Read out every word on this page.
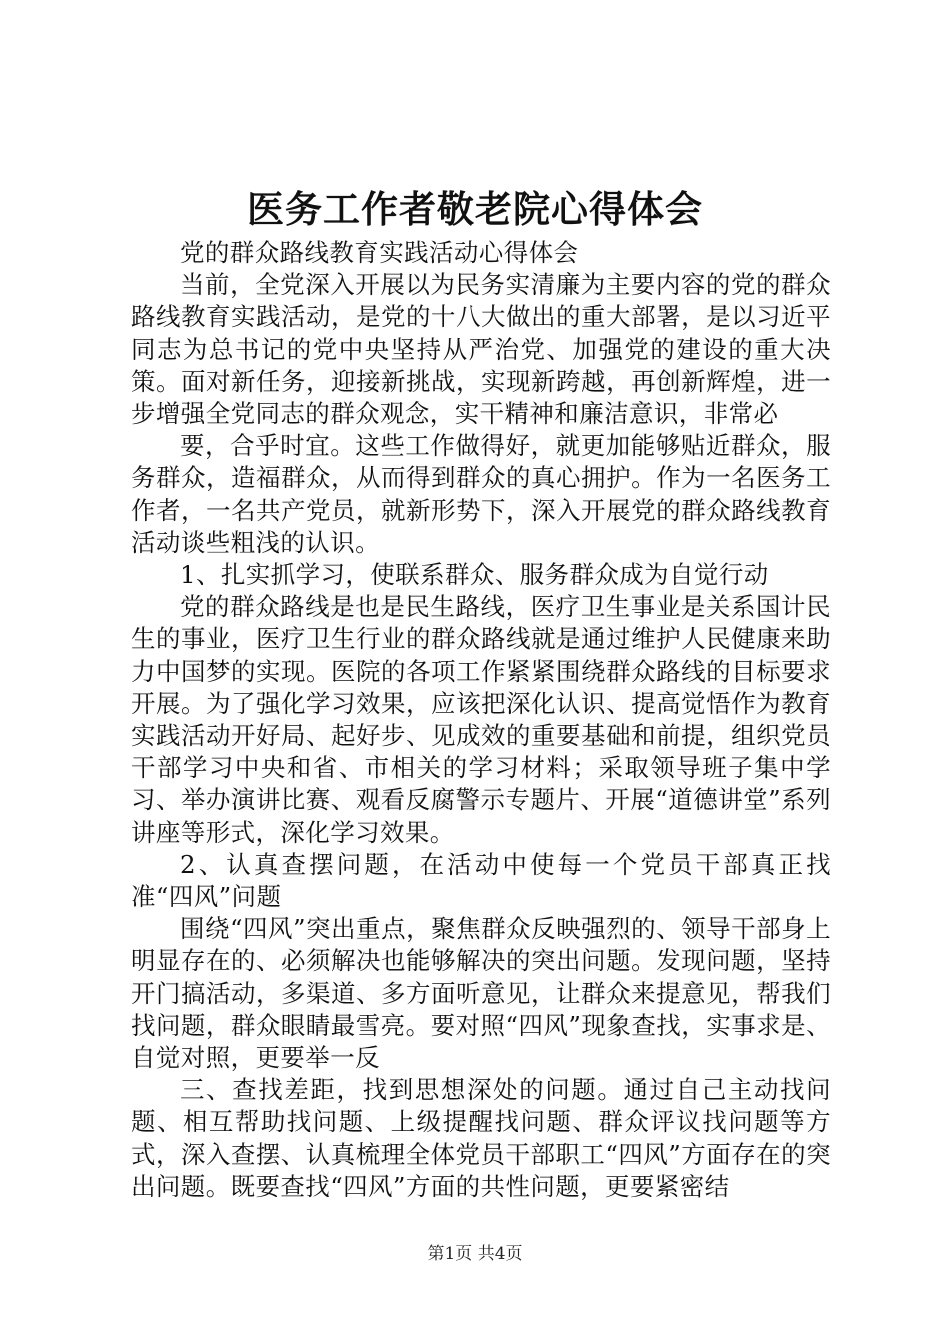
医务工作者敬老院心得体会

党的群众路线教育实践活动心得体会

当前，全党深入开展以为民务实清廉为主要内容的党的群众路线教育实践活动，是党的十八大做出的重大部署，是以习近平同志为总书记的党中央坚持从严治党、加强党的建设的重大决策。面对新任务，迎接新挑战，实现新跨越，再创新辉煌，进一步增强全党同志的群众观念，实干精神和廉洁意识，非常必

要，合乎时宜。这些工作做得好，就更加能够贴近群众，服务群众，造福群众，从而得到群众的真心拥护。作为一名医务工作者，一名共产党员，就新形势下，深入开展党的群众路线教育活动谈些粗浅的认识。

1、扎实抓学习，使联系群众、服务群众成为自觉行动

党的群众路线是也是民生路线，医疗卫生事业是关系国计民生的事业，医疗卫生行业的群众路线就是通过维护人民健康来助力中国梦的实现。医院的各项工作紧紧围绕群众路线的目标要求开展。为了强化学习效果，应该把深化认识、提高觉悟作为教育实践活动开好局、起好步、见成效的重要基础和前提，组织党员干部学习中央和省、市相关的学习材料；采取领导班子集中学习、举办演讲比赛、观看反腐警示专题片、开展“道德讲堂”系列讲座等形式，深化学习效果。

2、认真查摆问题，在活动中使每一个党员干部真正找准“四风”问题

围绕“四风”突出重点，聚焦群众反映强烈的、领导干部身上明显存在的、必须解决也能够解决的突出问题。发现问题，坚持开门搞活动，多渠道、多方面听意见，让群众来提意见，帮我们找问题，群众眼睛最雪亮。要对照“四风”现象查找，实事求是、自觉对照，更要举一反

三、查找差距，找到思想深处的问题。通过自己主动找问题、相互帮助找问题、上级提醒找问题、群众评议找问题等方式，深入查摆、认真梳理全体党员干部职工“四风”方面存在的突出问题。既要查找“四风”方面的共性问题，更要紧密结

第1页 共4页
